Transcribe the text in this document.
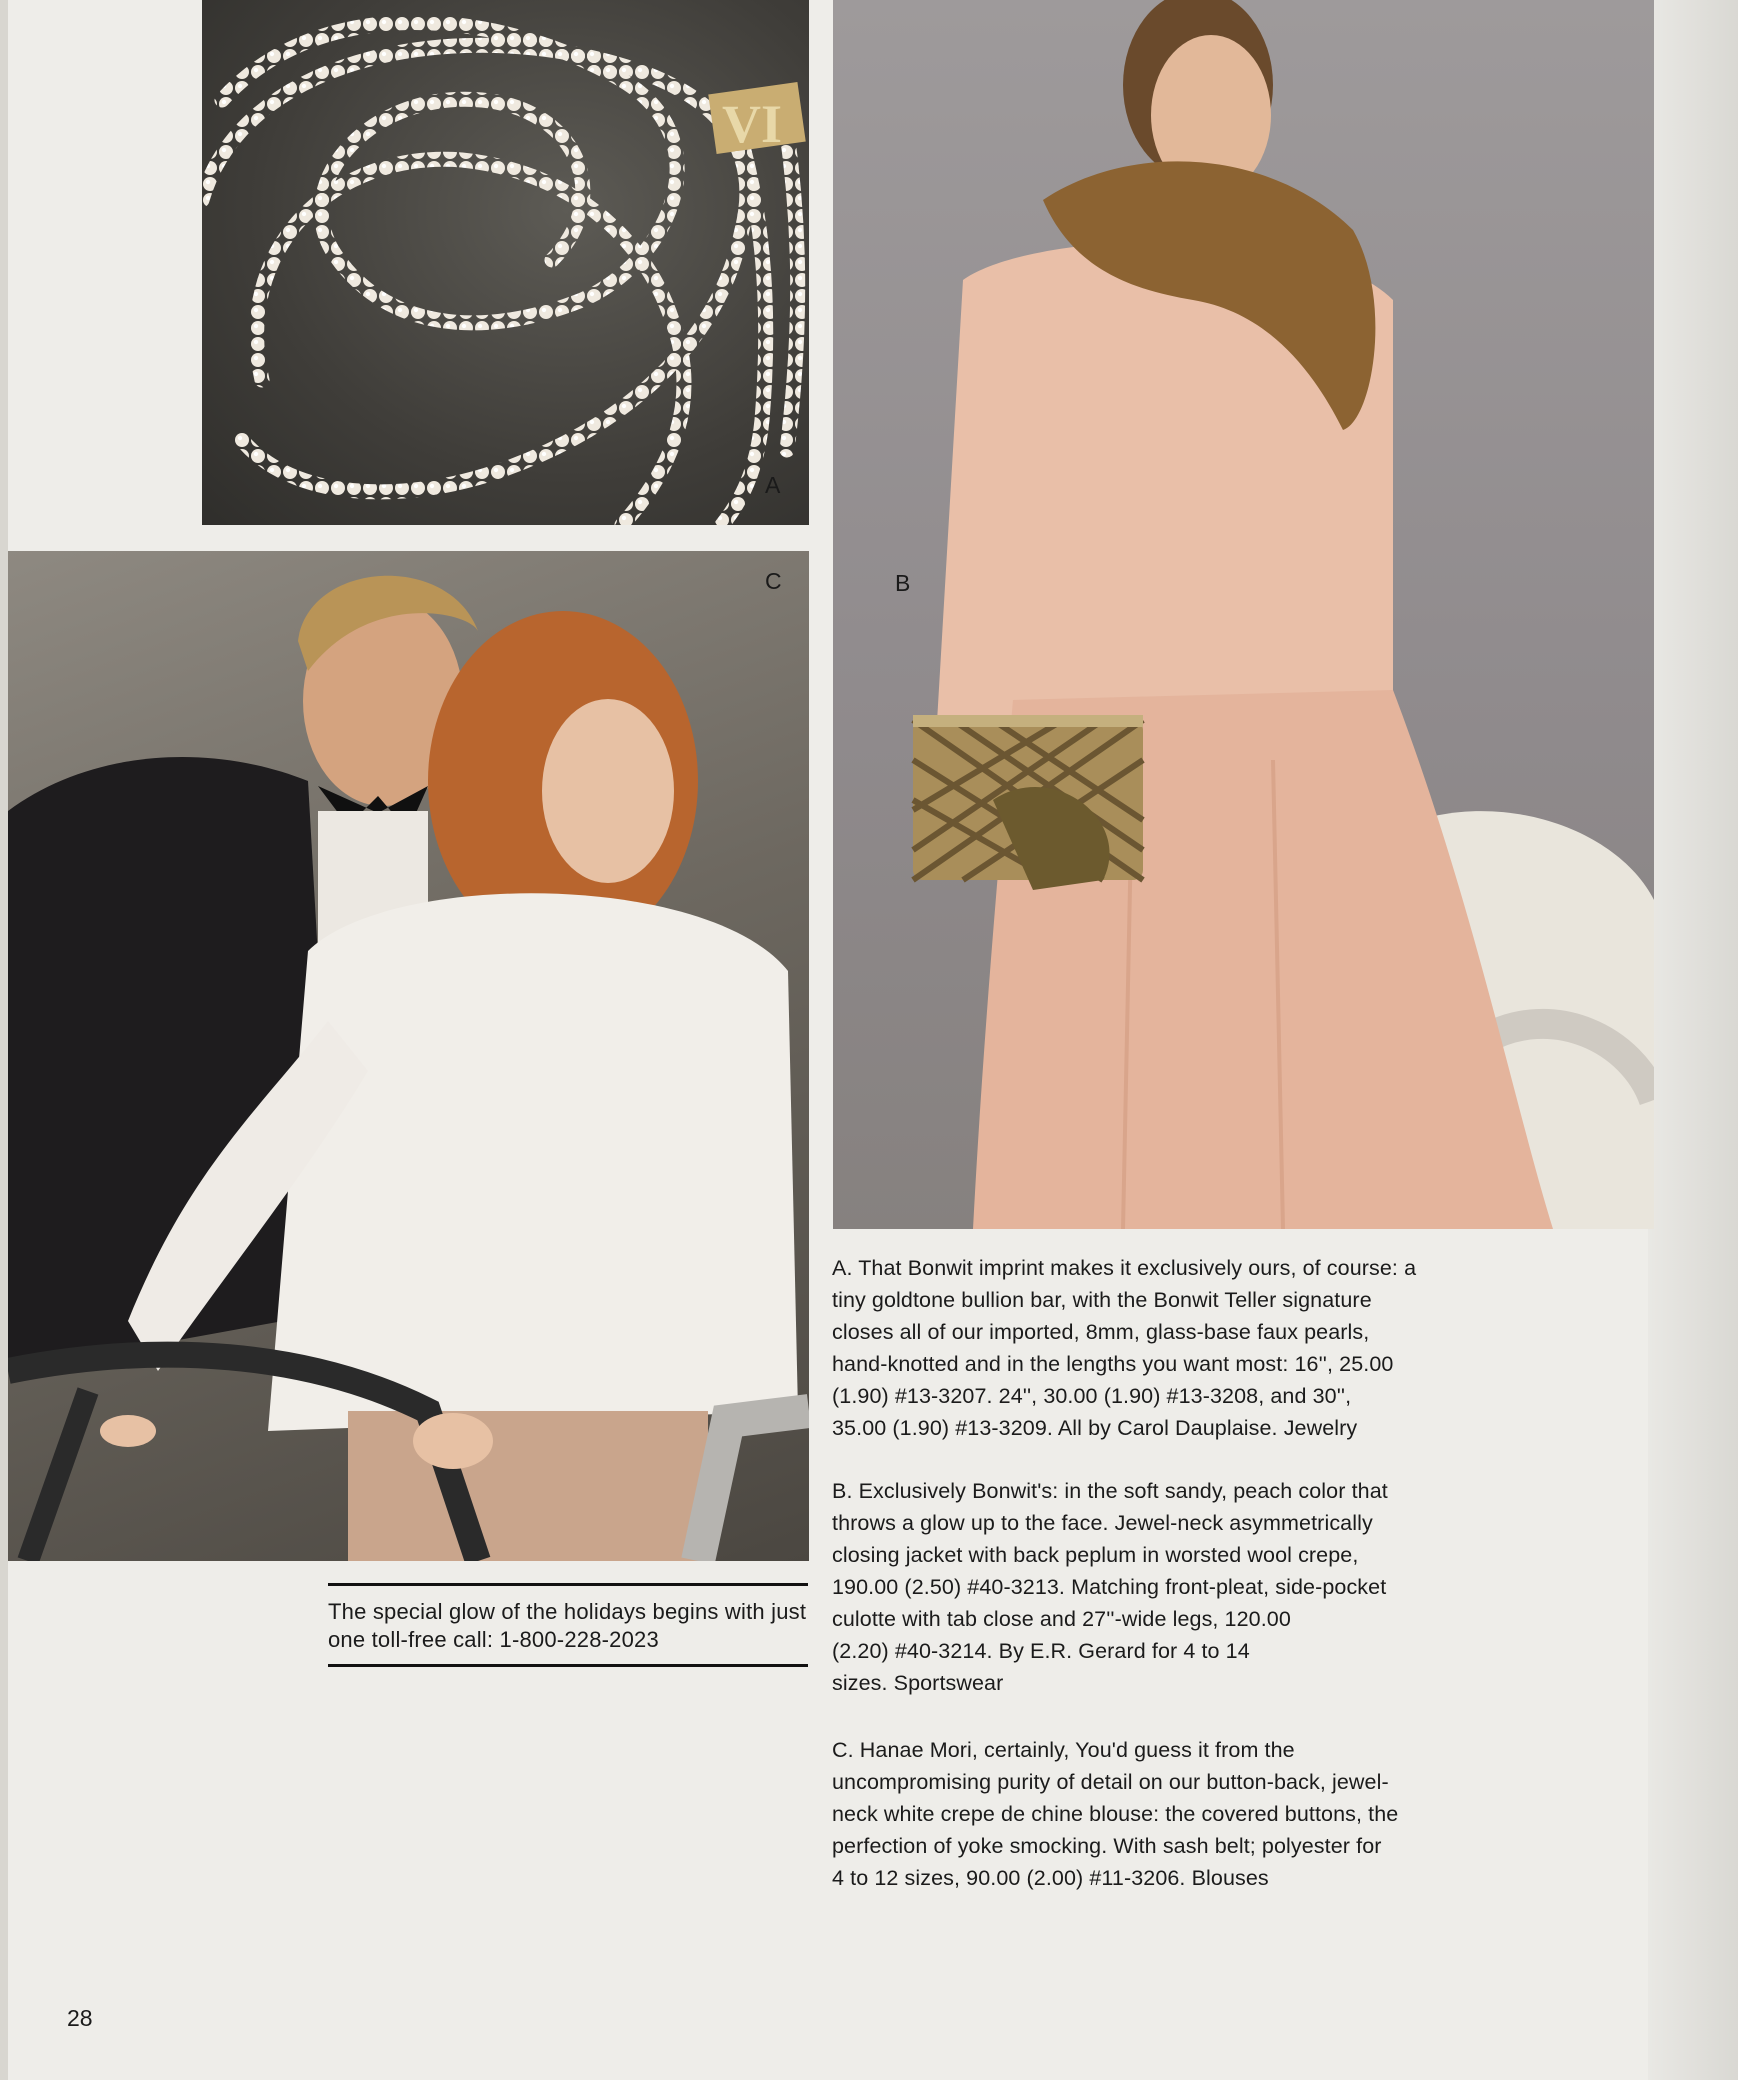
VI
A
C	B
The special glow of the holidays begins with just one toll-free call: 1-800-228-2023

A. That Bonwit imprint makes it exclusively ours, of course: a
tiny goldtone bullion bar, with the Bonwit Teller signature
closes all of our imported, 8mm, glass-base faux pearls,
hand-knotted and in the lengths you want most: 16'', 25.00
(1.90) #13-3207. 24'', 30.00 (1.90) #13-3208, and 30'',
35.00 (1.90) #13-3209. All by Carol Dauplaise. Jewelry

B. Exclusively Bonwit's: in the soft sandy, peach color that
throws a glow up to the face. Jewel-neck asymmetrically
closing jacket with back peplum in worsted wool crepe,
190.00 (2.50) #40-3213. Matching front-pleat, side-pocket
culotte with tab close and 27''-wide legs, 120.00
(2.20) #40-3214. By E.R. Gerard for 4 to 14
sizes. Sportswear

C. Hanae Mori, certainly, You'd guess it from the
uncompromising purity of detail on our button-back, jewel-
neck white crepe de chine blouse: the covered buttons, the
perfection of yoke smocking. With sash belt; polyester for
4 to 12 sizes, 90.00 (2.00) #11-3206. Blouses

28
